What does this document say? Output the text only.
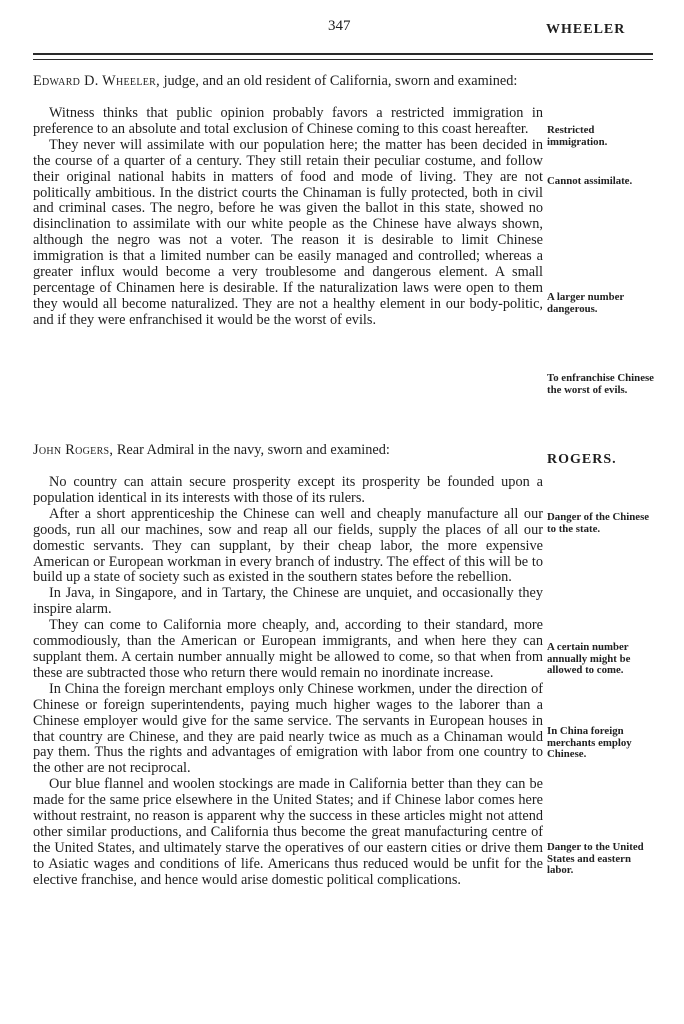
347	WHEELER

Edward D. Wheeler, judge, and an old resident of California, sworn and examined:

Witness thinks that public opinion probably favors a restricted immigration in preference to an absolute and total exclusion of Chinese coming to this coast hereafter.

They never will assimilate with our population here; the matter has been decided in the course of a quarter of a century. They still retain their peculiar costume, and follow their original national habits in matters of food and mode of living. They are not politically ambitious. In the district courts the Chinaman is fully protected, both in civil and criminal cases. The negro, before he was given the ballot in this state, showed no disinclination to assimilate with our white people as the Chinese have always shown, although the negro was not a voter. The reason it is desirable to limit Chinese immigration is that a limited number can be easily managed and controlled; whereas a greater influx would become a very troublesome and dangerous element. A small percentage of Chinamen here is desirable. If the naturalization laws were open to them they would all become naturalized. They are not a healthy element in our body-politic, and if they were enfranchised it would be the worst of evils.

Restricted immigration.
Cannot assimilate.
A larger number dangerous.
To enfranchise Chinese the worst of evils.
ROGERS.

John Rogers, Rear Admiral in the navy, sworn and examined:

No country can attain secure prosperity except its prosperity be founded upon a population identical in its interests with those of its rulers.

After a short apprenticeship the Chinese can well and cheaply manufacture all our goods, run all our machines, sow and reap all our fields, supply the places of all our domestic servants. They can supplant, by their cheap labor, the more expensive American or European workman in every branch of industry. The effect of this will be to build up a state of society such as existed in the southern states before the rebellion.

In Java, in Singapore, and in Tartary, the Chinese are unquiet, and occasionally they inspire alarm.

They can come to California more cheaply, and, according to their standard, more commodiously, than the American or European immigrants, and when here they can supplant them. A certain number annually might be allowed to come, so that when from these are subtracted those who return there would remain no inordinate increase.

In China the foreign merchant employs only Chinese workmen, under the direction of Chinese or foreign superintendents, paying much higher wages to the laborer than a Chinese employer would give for the same service. The servants in European houses in that country are Chinese, and they are paid nearly twice as much as a Chinaman would pay them. Thus the rights and advantages of emigration with labor from one country to the other are not reciprocal.

Our blue flannel and woolen stockings are made in California better than they can be made for the same price elsewhere in the United States; and if Chinese labor comes here without restraint, no reason is apparent why the success in these articles might not attend other similar productions, and California thus become the great manufacturing centre of the United States, and ultimately starve the operatives of our eastern cities or drive them to Asiatic wages and conditions of life. Americans thus reduced would be unfit for the elective franchise, and hence would arise domestic political complications.

Danger of the Chinese to the state.
A certain number annually might be allowed to come.
In China foreign merchants employ Chinese.
Danger to the United States and eastern labor.
